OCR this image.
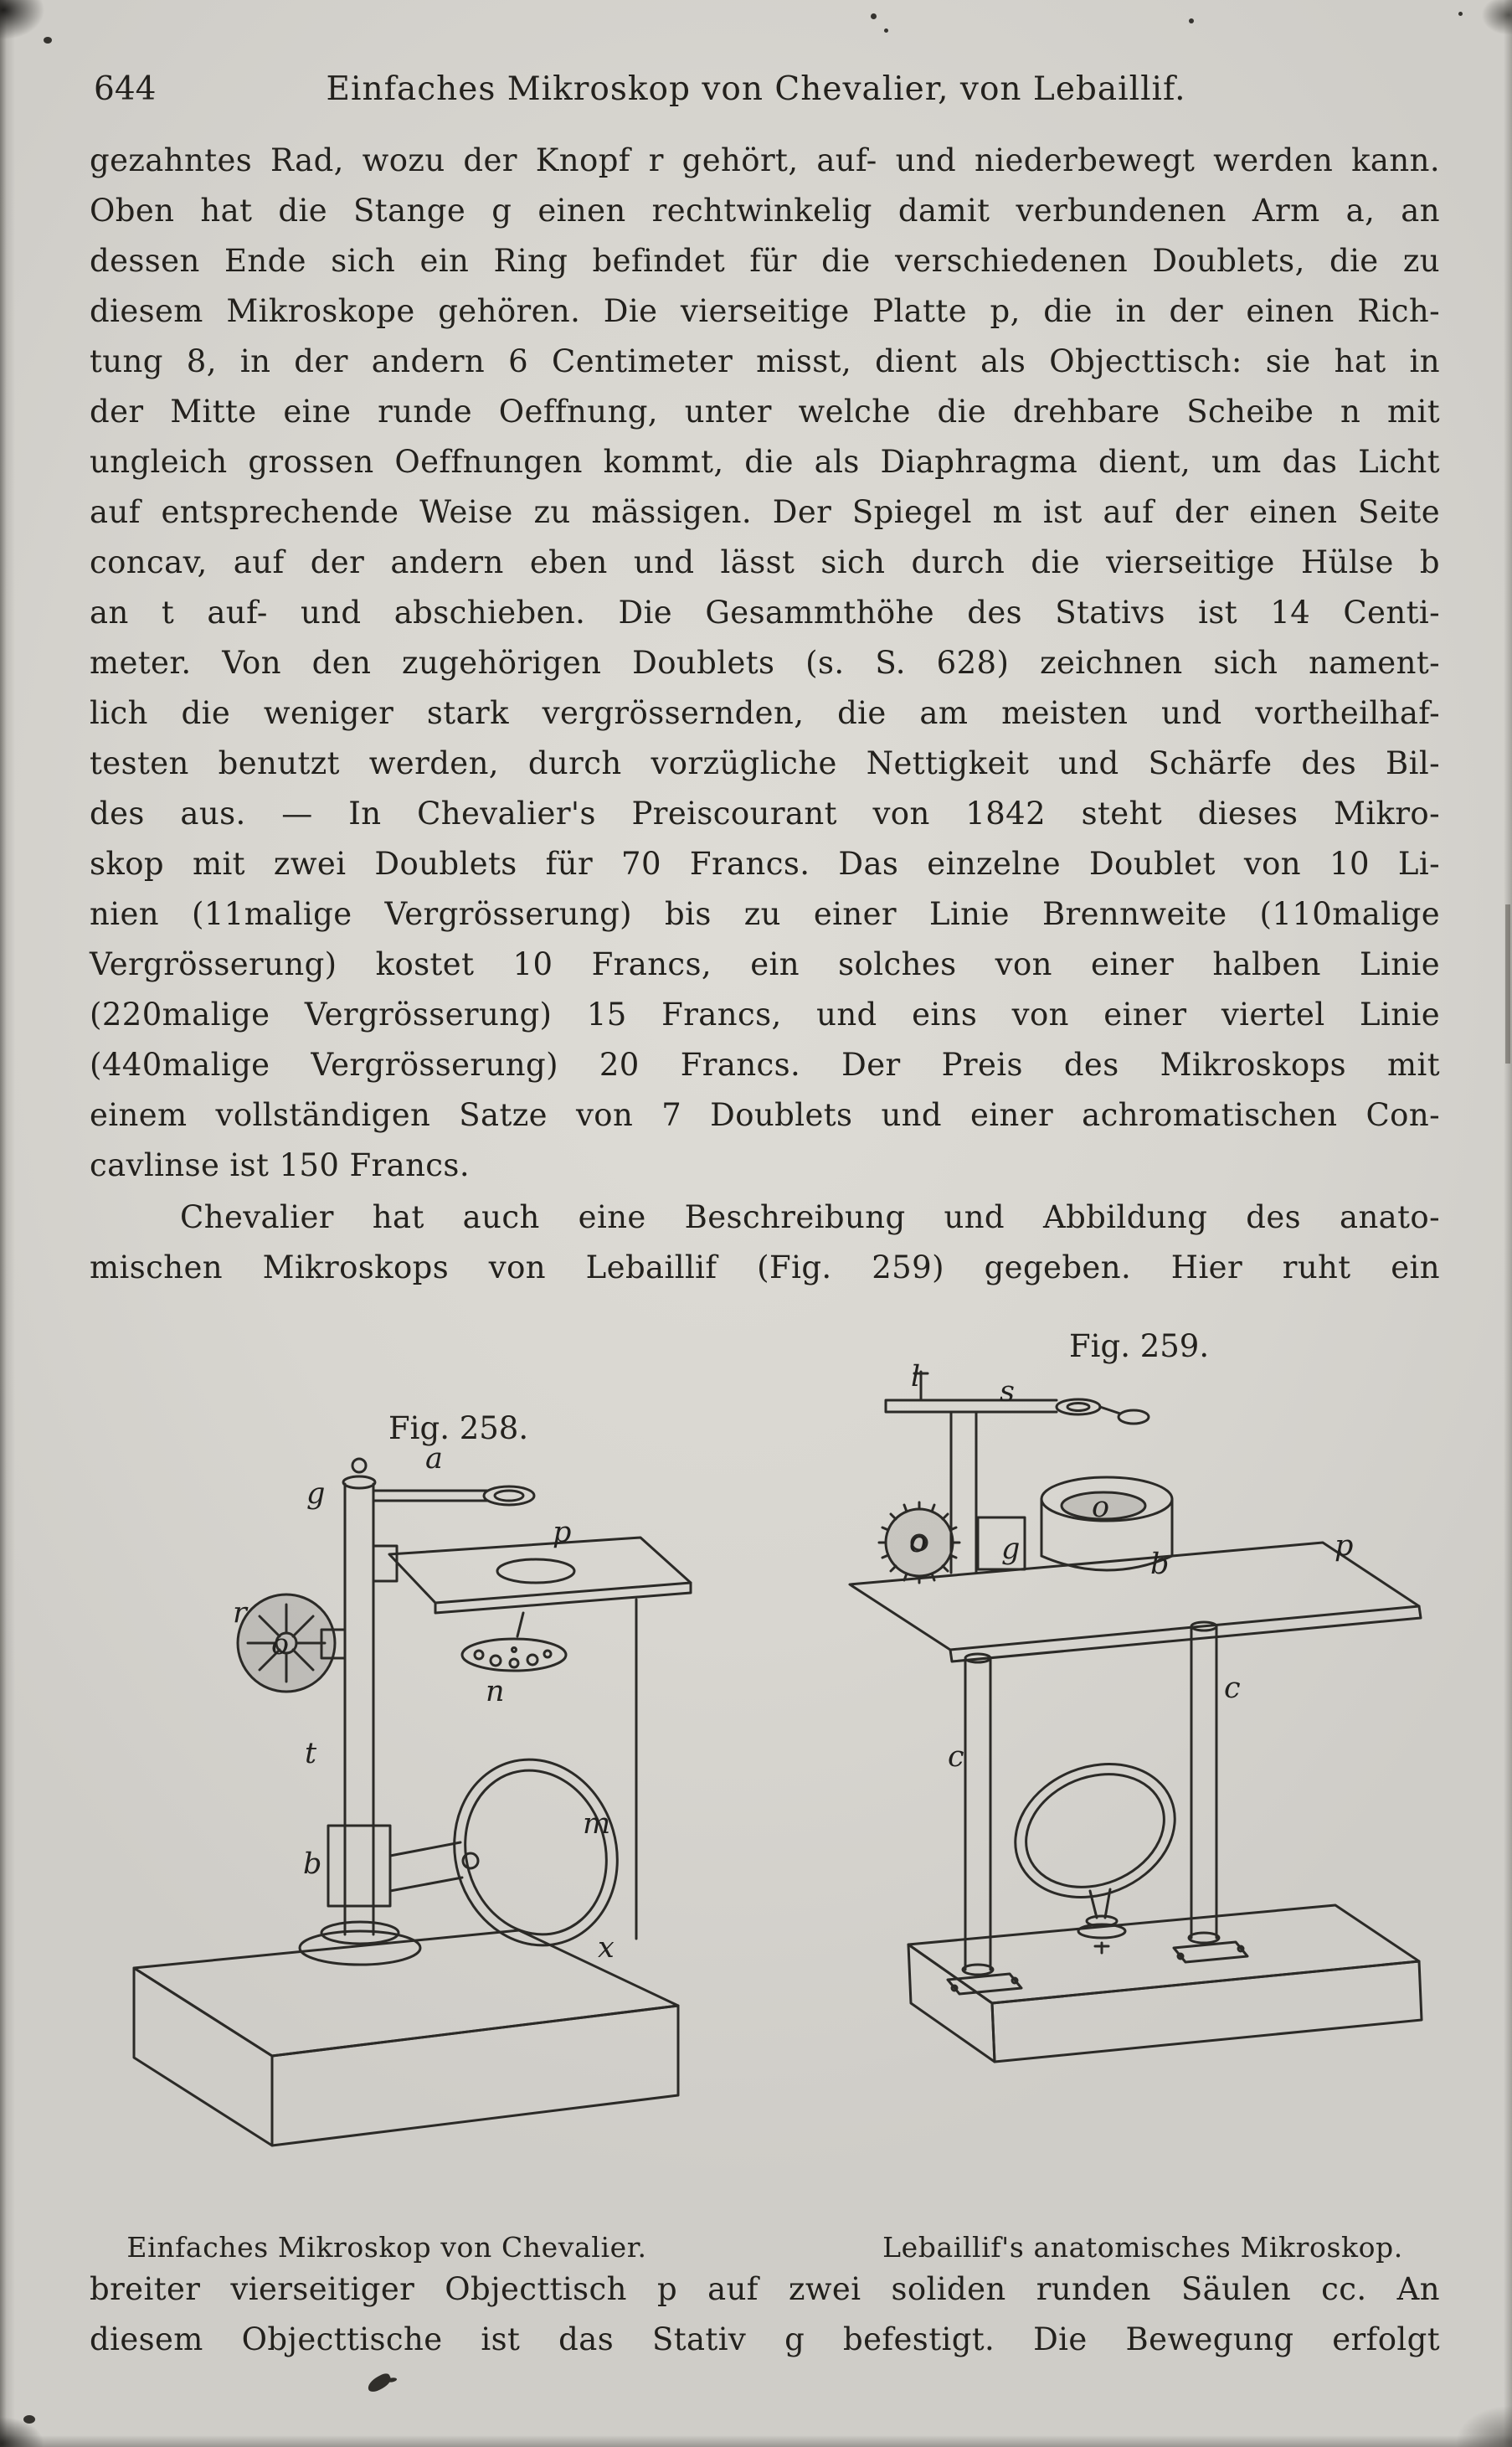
644	Einfaches Mikroskop von Chevalier, von Lebaillif.
gezahntes Rad, wozu der Knopf r gehört, auf- und niederbewegt werden kann.
Oben hat die Stange g einen rechtwinkelig damit verbundenen Arm a, an
dessen Ende sich ein Ring befindet für die verschiedenen Doublets, die zu
diesem Mikroskope gehören. Die vierseitige Platte p, die in der einen Rich-
tung 8, in der andern 6 Centimeter misst, dient als Objecttisch: sie hat in
der Mitte eine runde Oeffnung, unter welche die drehbare Scheibe n mit
ungleich grossen Oeffnungen kommt, die als Diaphragma dient, um das Licht
auf entsprechende Weise zu mässigen. Der Spiegel m ist auf der einen Seite
concav, auf der andern eben und lässt sich durch die vierseitige Hülse b
an t auf- und abschieben. Die Gesammthöhe des Stativs ist 14 Centi-
meter. Von den zugehörigen Doublets (s. S. 628) zeichnen sich nament-
lich die weniger stark vergrössernden, die am meisten und vortheilhaf-
testen benutzt werden, durch vorzügliche Nettigkeit und Schärfe des Bil-
des aus. — In Chevalier's Preiscourant von 1842 steht dieses Mikro-
skop mit zwei Doublets für 70 Francs. Das einzelne Doublet von 10 Li-
nien (11malige Vergrösserung) bis zu einer Linie Brennweite (110malige
Vergrösserung) kostet 10 Francs, ein solches von einer halben Linie
(220malige Vergrösserung) 15 Francs, und eins von einer viertel Linie
(440malige Vergrösserung) 20 Francs. Der Preis des Mikroskops mit
einem vollständigen Satze von 7 Doublets und einer achromatischen Con-
cavlinse ist 150 Francs.
Chevalier hat auch eine Beschreibung und Abbildung des anato-
mischen Mikroskops von Lebaillif (Fig. 259) gegeben. Hier ruht ein
Fig. 258.
Fig. 259.
a
g
p
r
o
n
t
b
m
x
l	s
o	g
o
b
p
c
c
Einfaches Mikroskop von Chevalier.	Lebaillif's anatomisches Mikroskop.
breiter vierseitiger Objecttisch p auf zwei soliden runden Säulen cc. An
diesem Objecttische ist das Stativ g befestigt. Die Bewegung erfolgt
